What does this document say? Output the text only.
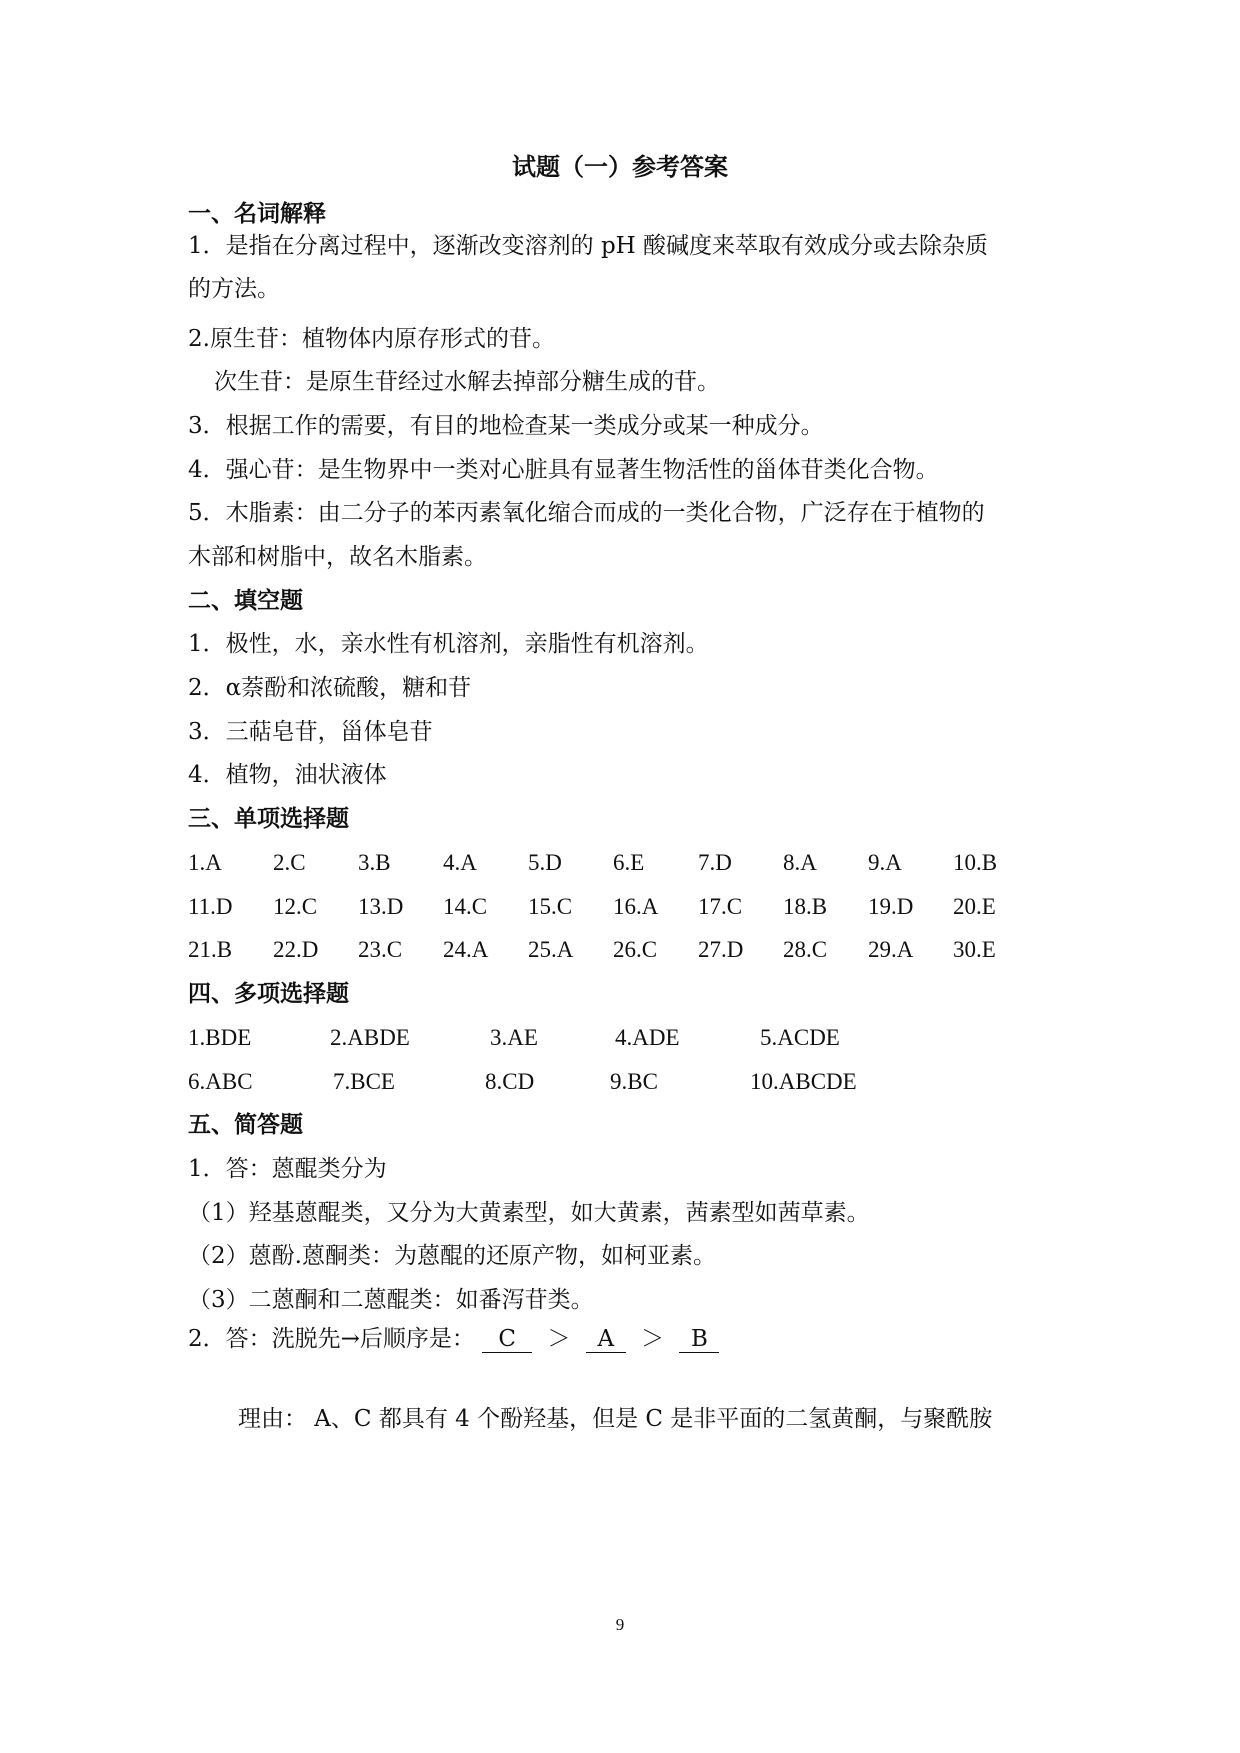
试题（一）参考答案
一、名词解释
1．是指在分离过程中，逐渐改变溶剂的 pH 酸碱度来萃取有效成分或去除杂质
的方法。
2.原生苷：植物体内原存形式的苷。
次生苷：是原生苷经过水解去掉部分糖生成的苷。
3．根据工作的需要，有目的地检查某一类成分或某一种成分。
4．强心苷：是生物界中一类对心脏具有显著生物活性的甾体苷类化合物。
5．木脂素：由二分子的苯丙素氧化缩合而成的一类化合物，广泛存在于植物的
木部和树脂中，故名木脂素。
二、填空题
1．极性，水，亲水性有机溶剂，亲脂性有机溶剂。
2．α萘酚和浓硫酸，糖和苷
3．三萜皂苷，甾体皂苷
4．植物，油状液体
三、单项选择题
1.A 2.C 3.B 4.A 5.D 6.E 7.D 8.A 9.A 10.B
11.D 12.C 13.D 14.C 15.C 16.A 17.C 18.B 19.D 20.E
21.B 22.D 23.C 24.A 25.A 26.C 27.D 28.C 29.A 30.E
四、多项选择题
1.BDE	2.ABDE	3.AE	4.ADE	5.ACDE
6.ABC	7.BCE	8.CD	9.BC	10.ABCDE
五、简答题
1．答：蒽醌类分为
（1）羟基蒽醌类，又分为大黄素型，如大黄素，茜素型如茜草素。
（2）蒽酚.蒽酮类：为蒽醌的还原产物，如柯亚素。
（3）二蒽酮和二蒽醌类：如番泻苷类。
2．答：洗脱先→后顺序是： C ＞ A ＞ B
理由： A、C 都具有 4 个酚羟基，但是 C 是非平面的二氢黄酮，与聚酰胺
9
